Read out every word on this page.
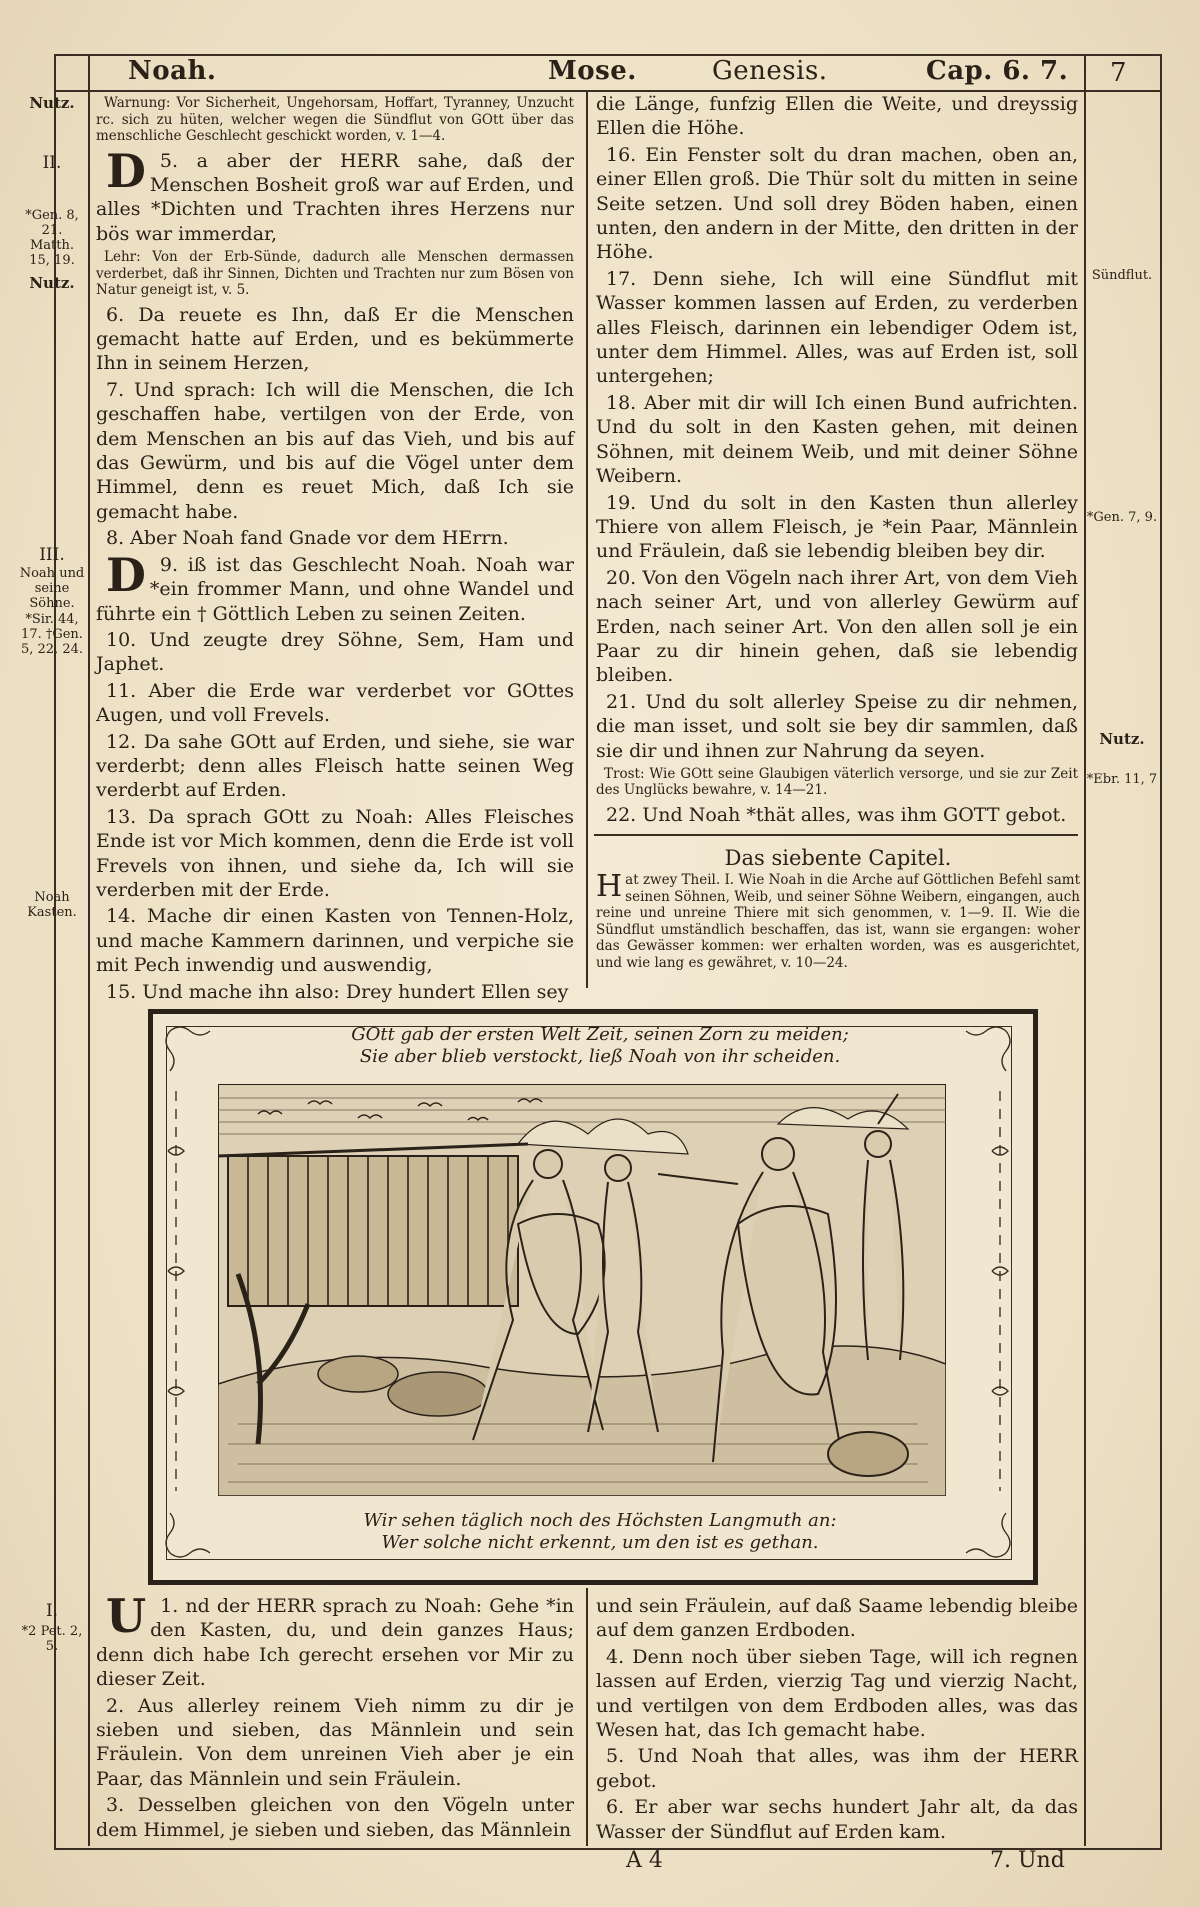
Noah.	Mose.	Genesis.	Cap. 6. 7. 7
Nutz.
II.
*Gen. 8, 21. Matth. 15, 19.
Nutz.
III.
Noah und seine Söhne.
*Sir. 44, 17. †Gen. 5, 22, 24.
Noah Kasten.
I.
*2 Pet. 2, 5.
Sündflut.
*Gen. 7, 9.
Nutz.
*Ebr. 11, 7
Warnung: Vor Sicherheit, Ungehorsam, Hoffart, Tyranney, Unzucht rc. sich zu hüten, welcher wegen die Sündflut von GOtt über das menschliche Geschlecht geschickt worden, v. 1—4.

5.
D	a aber der HERR sahe, daß der Menschen Bosheit groß war auf Erden, und alles *Dichten und Trachten ihres Herzens nur bös war immerdar,

Lehr: Von der Erb-Sünde, dadurch alle Menschen dermassen verderbet, daß ihr Sinnen, Dichten und Trachten nur zum Bösen von Natur geneigt ist, v. 5.

6. Da reuete es Ihn, daß Er die Menschen gemacht hatte auf Erden, und es bekümmerte Ihn in seinem Herzen,

7. Und sprach: Ich will die Menschen, die Ich geschaffen habe, vertilgen von der Erde, von dem Menschen an bis auf das Vieh, und bis auf das Gewürm, und bis auf die Vögel unter dem Himmel, denn es reuet Mich, daß Ich sie gemacht habe.

8. Aber Noah fand Gnade vor dem HErrn.

9.
D iß ist das Geschlecht Noah. Noah war *ein frommer Mann, und ohne Wandel und führte ein † Göttlich Leben zu seinen Zeiten.

10. Und zeugte drey Söhne, Sem, Ham und Japhet.

11. Aber die Erde war verderbet vor GOttes Augen, und voll Frevels.

12. Da sahe GOtt auf Erden, und siehe, sie war verderbt; denn alles Fleisch hatte seinen Weg verderbt auf Erden.

13. Da sprach GOtt zu Noah: Alles Fleisches Ende ist vor Mich kommen, denn die Erde ist voll Frevels von ihnen, und siehe da, Ich will sie verderben mit der Erde.

14. Mache dir einen Kasten von Tennen-Holz, und mache Kammern darinnen, und verpiche sie mit Pech inwendig und auswendig,

15. Und mache ihn also: Drey hundert Ellen sey

die Länge, funfzig Ellen die Weite, und dreyssig Ellen die Höhe.

16. Ein Fenster solt du dran machen, oben an, einer Ellen groß. Die Thür solt du mitten in seine Seite setzen. Und soll drey Böden haben, einen unten, den andern in der Mitte, den dritten in der Höhe.

17. Denn siehe, Ich will eine Sündflut mit Wasser kommen lassen auf Erden, zu verderben alles Fleisch, darinnen ein lebendiger Odem ist, unter dem Himmel. Alles, was auf Erden ist, soll untergehen;

18. Aber mit dir will Ich einen Bund aufrichten. Und du solt in den Kasten gehen, mit deinen Söhnen, mit deinem Weib, und mit deiner Söhne Weibern.

19. Und du solt in den Kasten thun allerley Thiere von allem Fleisch, je *ein Paar, Männlein und Fräulein, daß sie lebendig bleiben bey dir.

20. Von den Vögeln nach ihrer Art, von dem Vieh nach seiner Art, und von allerley Gewürm auf Erden, nach seiner Art. Von den allen soll je ein Paar zu dir hinein gehen, daß sie lebendig bleiben.

21. Und du solt allerley Speise zu dir nehmen, die man isset, und solt sie bey dir sammlen, daß sie dir und ihnen zur Nahrung da seyen.

Trost: Wie GOtt seine Glaubigen väterlich versorge, und sie zur Zeit des Unglücks bewahre, v. 14—21.

22. Und Noah *thät alles, was ihm GOTT gebot.

Das siebente Capitel.
Hat zwey Theil. I. Wie Noah in die Arche auf Göttlichen Befehl samt seinen Söhnen, Weib, und seiner Söhne Weibern, eingangen, auch reine und unreine Thiere mit sich genommen, v. 1—9. II. Wie die Sündflut umständlich beschaffen, das ist, wann sie ergangen: woher das Gewässer kommen: wer erhalten worden, was es ausgerichtet, und wie lang es gewähret, v. 10—24.
GOtt gab der ersten Welt Zeit, seinen Zorn zu meiden;
Sie aber blieb verstockt, ließ Noah von ihr scheiden.
Wir sehen täglich noch des Höchsten Langmuth an:
Wer solche nicht erkennt, um den ist es gethan.

1.
U nd der HERR sprach zu Noah: Gehe *in den Kasten, du, und dein ganzes Haus; denn dich habe Ich gerecht ersehen vor Mir zu dieser Zeit.

2. Aus allerley reinem Vieh nimm zu dir je sieben und sieben, das Männlein und sein Fräulein. Von dem unreinen Vieh aber je ein Paar, das Männlein und sein Fräulein.

3. Desselben gleichen von den Vögeln unter dem Himmel, je sieben und sieben, das Männlein

und sein Fräulein, auf daß Saame lebendig bleibe auf dem ganzen Erdboden.

4. Denn noch über sieben Tage, will ich regnen lassen auf Erden, vierzig Tag und vierzig Nacht, und vertilgen von dem Erdboden alles, was das Wesen hat, das Ich gemacht habe.

5. Und Noah that alles, was ihm der HERR gebot.

6. Er aber war sechs hundert Jahr alt, da das Wasser der Sündflut auf Erden kam.

A 4	7. Und
